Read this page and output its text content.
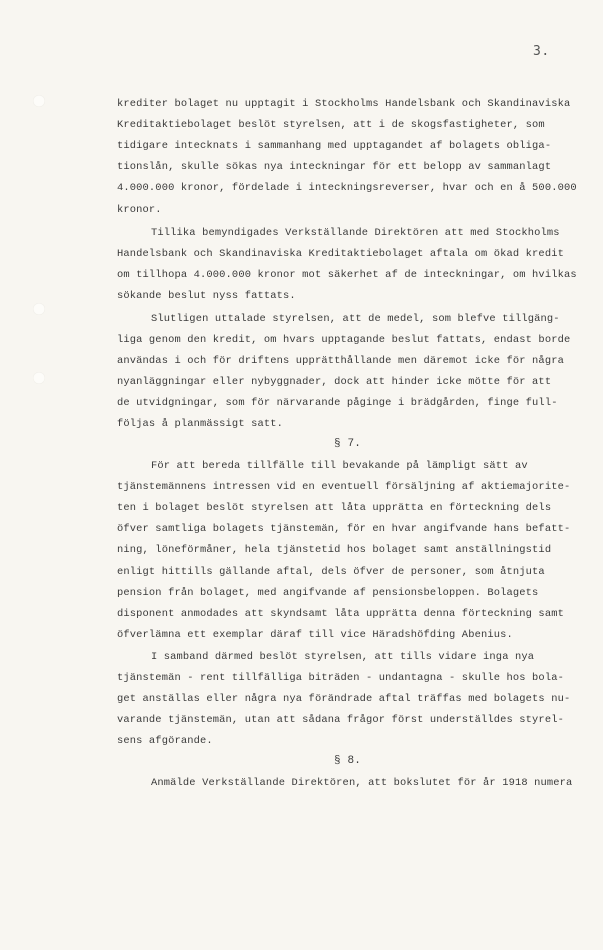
3.
krediter bolaget nu upptagit i Stockholms Handelsbank och Skandinaviska
Kreditaktiebolaget beslöt styrelsen, att i de skogsfastigheter, som
tidigare intecknats i sammanhang med upptagandet af bolagets obliga-
tionslån, skulle sökas nya inteckningar för ett belopp av sammanlagt
4.000.000 kronor, fördelade i inteckningsreverser, hvar och en å 500.000
kronor.
Tillika bemyndigades Verkställande Direktören att med Stockholms
Handelsbank och Skandinaviska Kreditaktiebolaget aftala om ökad kredit
om tillhopa 4.000.000 kronor mot säkerhet af de inteckningar, om hvilkas
sökande beslut nyss fattats.
Slutligen uttalade styrelsen, att de medel, som blefve tillgäng-
liga genom den kredit, om hvars upptagande beslut fattats, endast borde
användas i och för driftens upprätthållande men däremot icke för några
nyanläggningar eller nybyggnader, dock att hinder icke mötte för att
de utvidgningar, som för närvarande påginge i brädgården, finge full-
följas å planmässigt satt.
§ 7.
För att bereda tillfälle till bevakande på lämpligt sätt av
tjänstemännens intressen vid en eventuell försäljning af aktiemajorite-
ten i bolaget beslöt styrelsen att låta upprätta en förteckning dels
öfver samtliga bolagets tjänstemän, för en hvar angifvande hans befatt-
ning, löneförmåner, hela tjänstetid hos bolaget samt anställningstid
enligt hittills gällande aftal, dels öfver de personer, som åtnjuta
pension från bolaget, med angifvande af pensionsbeloppen. Bolagets
disponent anmodades att skyndsamt låta upprätta denna förteckning samt
öfverlämna ett exemplar däraf till vice Häradshöfding Abenius.
I samband därmed beslöt styrelsen, att tills vidare inga nya
tjänstemän - rent tillfälliga biträden - undantagna - skulle hos bola-
get anställas eller några nya förändrade aftal träffas med bolagets nu-
varande tjänstemän, utan att sådana frågor först underställdes styrel-
sens afgörande.
§ 8.
Anmälde Verkställande Direktören, att bokslutet för år 1918 numera
